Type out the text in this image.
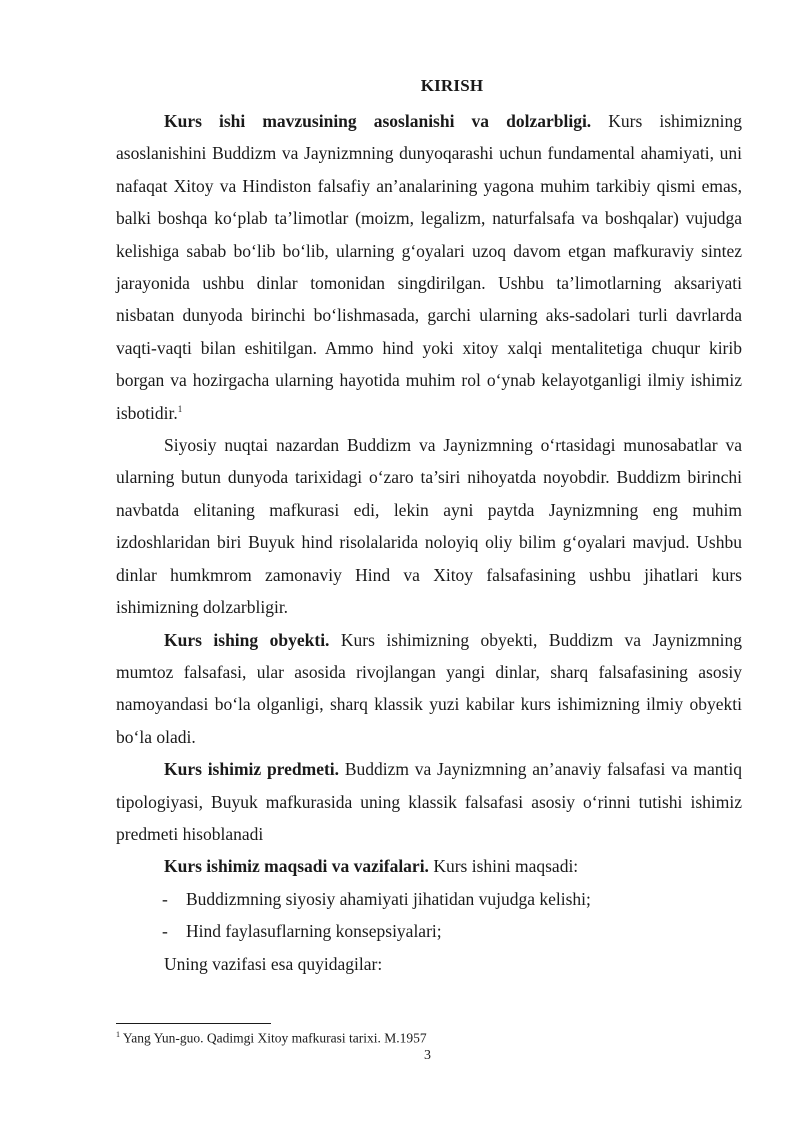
KIRISH

Kurs ishi mavzusining asoslanishi va dolzarbligi. Kurs ishimizning asoslanishini Buddizm va Jaynizmning dunyoqarashi uchun fundamental ahamiyati, uni nafaqat Xitoy va Hindiston falsafiy an’analarining yagona muhim tarkibiy qismi emas, balki boshqa ko‘plab ta’limotlar (moizm, legalizm, naturfalsafa va boshqalar) vujudga kelishiga sabab bo‘lib bo‘lib, ularning g‘oyalari uzoq davom etgan mafkuraviy sintez jarayonida ushbu dinlar tomonidan singdirilgan. Ushbu ta’limotlarning aksariyati nisbatan dunyoda birinchi bo‘lishmasada, garchi ularning aks-sadolari turli davrlarda vaqti-vaqti bilan eshitilgan. Ammo hind yoki xitoy xalqi mentalitetiga chuqur kirib borgan va hozirgacha ularning hayotida muhim rol o‘ynab kelayotganligi ilmiy ishimiz isbotidir.$^1$

Siyosiy nuqtai nazardan Buddizm va Jaynizmning o‘rtasidagi munosabatlar va ularning butun dunyoda tarixidagi o‘zaro ta’siri nihoyatda noyobdir. Buddizm birinchi navbatda elitaning mafkurasi edi, lekin ayni paytda Jaynizmning eng muhim izdoshlaridan biri Buyuk hind risolalarida noloyiq oliy bilim g‘oyalari mavjud. Ushbu dinlar humkmrom zamonaviy Hind va Xitoy falsafasining ushbu jihatlari kurs ishimizning dolzarbligir.

Kurs ishing obyekti. Kurs ishimizning obyekti, Buddizm va Jaynizmning mumtoz falsafasi, ular asosida rivojlangan yangi dinlar, sharq falsafasining asosiy namoyandasi bo‘la olganligi, sharq klassik yuzi kabilar kurs ishimizning ilmiy obyekti bo‘la oladi.

Kurs ishimiz predmeti. Buddizm va Jaynizmning an’anaviy falsafasi va mantiq tipologiyasi, Buyuk mafkurasida uning klassik falsafasi asosiy o‘rinni tutishi ishimiz predmeti hisoblanadi

Kurs ishimiz maqsadi va vazifalari. Kurs ishini maqsadi:

- Buddizmning siyosiy ahamiyati jihatidan vujudga kelishi;

- Hind faylasuflarning konsepsiyalari;

Uning vazifasi esa quyidagilar:

$^1$ Yang Yun-guo. Qadimgi Xitoy mafkurasi tarixi. M.1957
3
